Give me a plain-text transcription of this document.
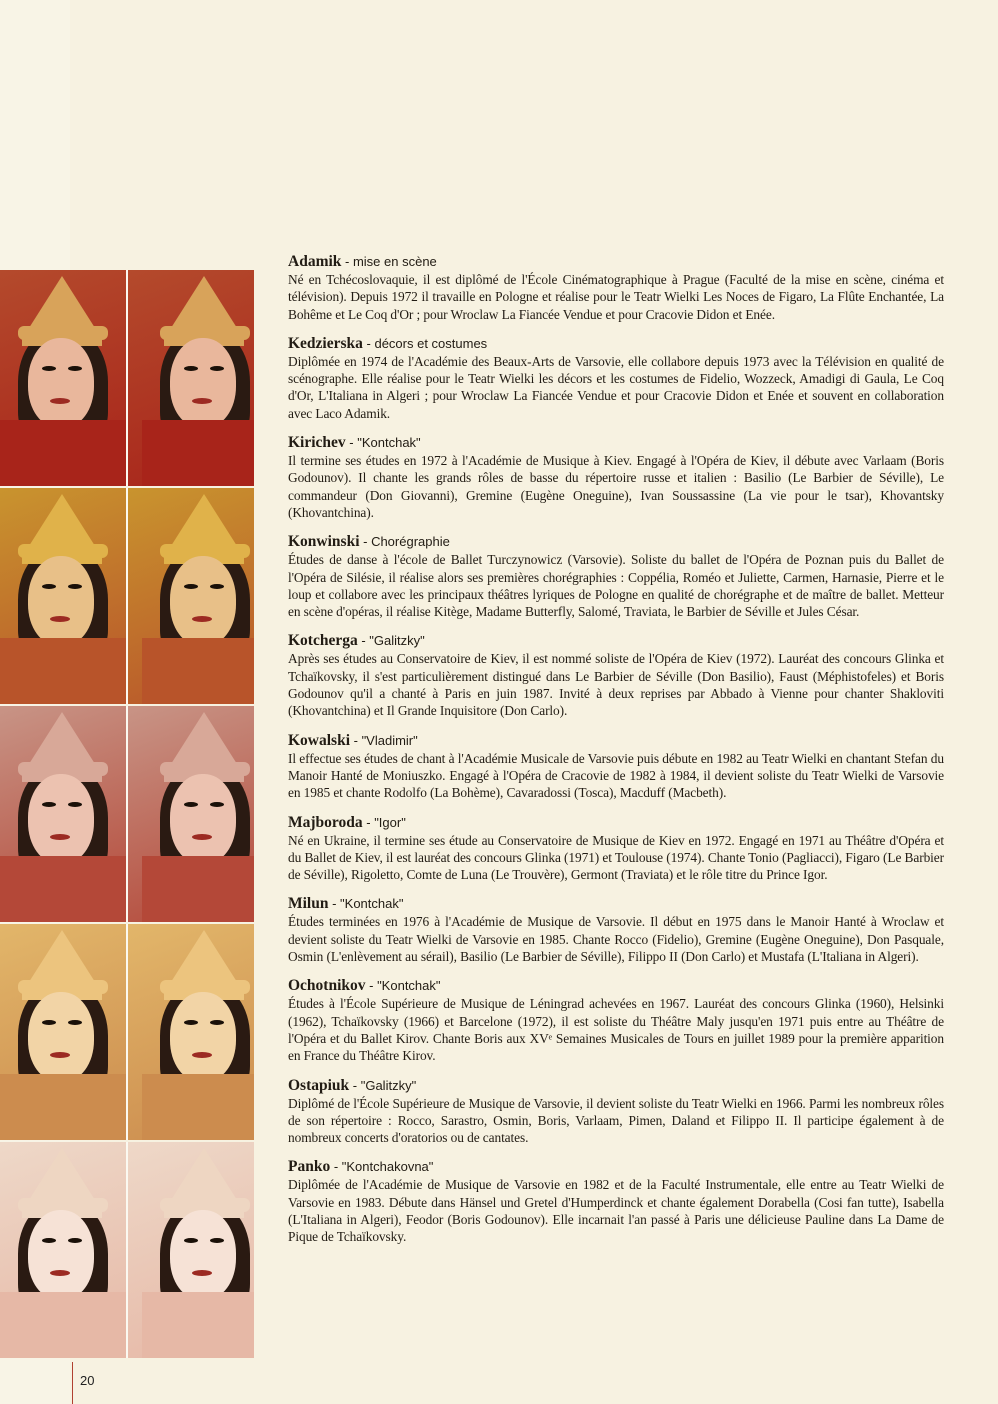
Adamik - mise en scène

Né en Tchécoslovaquie, il est diplômé de l'École Cinématographique à Prague (Faculté de la mise en scène, cinéma et télévision). Depuis 1972 il travaille en Pologne et réalise pour le Teatr Wielki Les Noces de Figaro, La Flûte Enchantée, La Bohême et Le Coq d'Or ; pour Wroclaw La Fiancée Vendue et pour Cracovie Didon et Enée.

Kedzierska - décors et costumes

Diplômée en 1974 de l'Académie des Beaux-Arts de Varsovie, elle collabore depuis 1973 avec la Télévision en qualité de scénographe. Elle réalise pour le Teatr Wielki les décors et les costumes de Fidelio, Wozzeck, Amadigi di Gaula, Le Coq d'Or, L'Italiana in Algeri ; pour Wroclaw La Fiancée Vendue et pour Cracovie Didon et Enée et souvent en collaboration avec Laco Adamik.

Kirichev - "Kontchak"

Il termine ses études en 1972 à l'Académie de Musique à Kiev. Engagé à l'Opéra de Kiev, il débute avec Varlaam (Boris Godounov). Il chante les grands rôles de basse du répertoire russe et italien : Basilio (Le Barbier de Séville), Le commandeur (Don Giovanni), Gremine (Eugène Oneguine), Ivan Soussassine (La vie pour le tsar), Khovantsky (Khovantchina).

Konwinski - Chorégraphie

Études de danse à l'école de Ballet Turczynowicz (Varsovie). Soliste du ballet de l'Opéra de Poznan puis du Ballet de l'Opéra de Silésie, il réalise alors ses premières chorégraphies : Coppélia, Roméo et Juliette, Carmen, Harnasie, Pierre et le loup et collabore avec les principaux théâtres lyriques de Pologne en qualité de chorégraphe et de maître de ballet. Metteur en scène d'opéras, il réalise Kitège, Madame Butterfly, Salomé, Traviata, le Barbier de Séville et Jules César.

Kotcherga - "Galitzky"

Après ses études au Conservatoire de Kiev, il est nommé soliste de l'Opéra de Kiev (1972). Lauréat des concours Glinka et Tchaïkovsky, il s'est particulièrement distingué dans Le Barbier de Séville (Don Basilio), Faust (Méphistofeles) et Boris Godounov qu'il a chanté à Paris en juin 1987. Invité à deux reprises par Abbado à Vienne pour chanter Shakloviti (Khovantchina) et Il Grande Inquisitore (Don Carlo).

Kowalski - "Vladimir"

Il effectue ses études de chant à l'Académie Musicale de Varsovie puis débute en 1982 au Teatr Wielki en chantant Stefan du Manoir Hanté de Moniuszko. Engagé à l'Opéra de Cracovie de 1982 à 1984, il devient soliste du Teatr Wielki de Varsovie en 1985 et chante Rodolfo (La Bohème), Cavaradossi (Tosca), Macduff (Macbeth).

Majboroda - "Igor"

Né en Ukraine, il termine ses étude au Conservatoire de Musique de Kiev en 1972. Engagé en 1971 au Théâtre d'Opéra et du Ballet de Kiev, il est lauréat des concours Glinka (1971) et Toulouse (1974). Chante Tonio (Pagliacci), Figaro (Le Barbier de Séville), Rigoletto, Comte de Luna (Le Trouvère), Germont (Traviata) et le rôle titre du Prince Igor.

Milun - "Kontchak"

Études terminées en 1976 à l'Académie de Musique de Varsovie. Il début en 1975 dans le Manoir Hanté à Wroclaw et devient soliste du Teatr Wielki de Varsovie en 1985. Chante Rocco (Fidelio), Gremine (Eugène Oneguine), Don Pasquale, Osmin (L'enlèvement au sérail), Basilio (Le Barbier de Séville), Filippo II (Don Carlo) et Mustafa (L'Italiana in Algeri).

Ochotnikov - "Kontchak"

Études à l'École Supérieure de Musique de Léningrad achevées en 1967. Lauréat des concours Glinka (1960), Helsinki (1962), Tchaïkovsky (1966) et Barcelone (1972), il est soliste du Théâtre Maly jusqu'en 1971 puis entre au Théâtre de l'Opéra et du Ballet Kirov. Chante Boris aux XVᵉ Semaines Musicales de Tours en juillet 1989 pour la première apparition en France du Théâtre Kirov.

Ostapiuk - "Galitzky"

Diplômé de l'École Supérieure de Musique de Varsovie, il devient soliste du Teatr Wielki en 1966. Parmi les nombreux rôles de son répertoire : Rocco, Sarastro, Osmin, Boris, Varlaam, Pimen, Daland et Filippo II. Il participe également à de nombreux concerts d'oratorios ou de cantates.

Panko - "Kontchakovna"

Diplômée de l'Académie de Musique de Varsovie en 1982 et de la Faculté Instrumentale, elle entre au Teatr Wielki de Varsovie en 1983. Débute dans Hänsel und Gretel d'Humperdinck et chante également Dorabella (Cosi fan tutte), Isabella (L'Italiana in Algeri), Feodor (Boris Godounov). Elle incarnait l'an passé à Paris une délicieuse Pauline dans La Dame de Pique de Tchaïkovsky.

20
